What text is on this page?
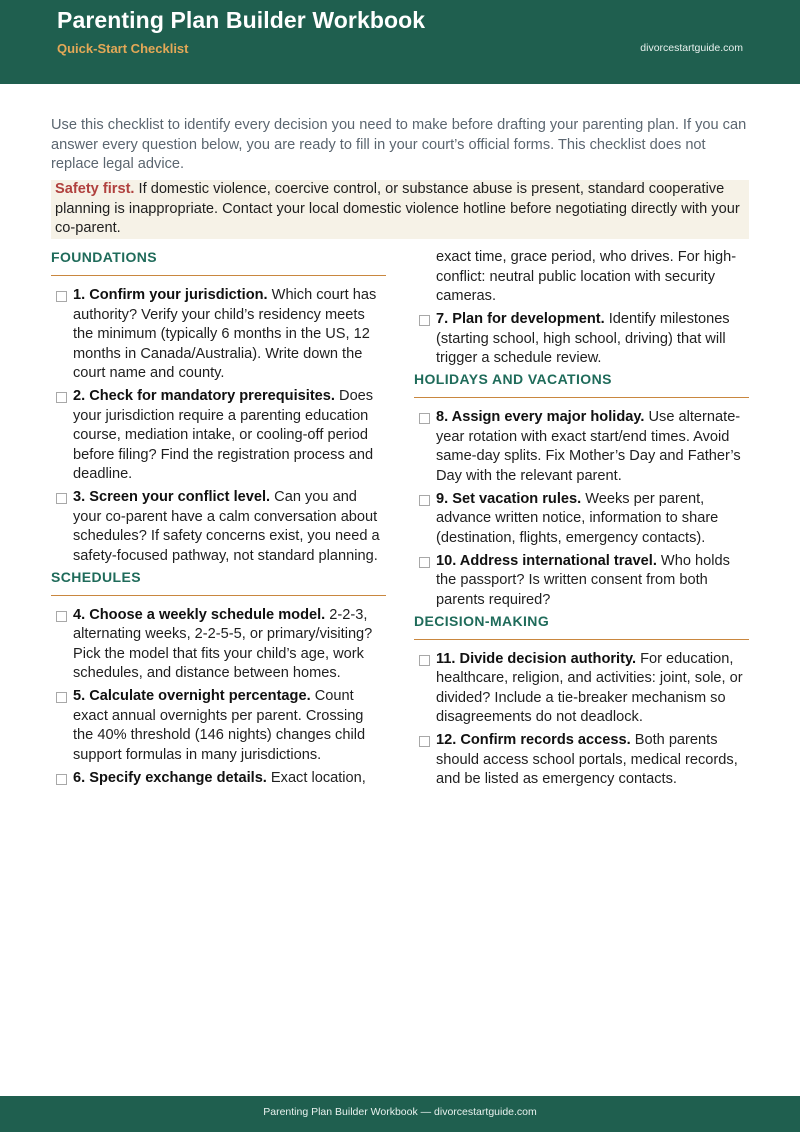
Parenting Plan Builder Workbook
Quick-Start Checklist	divorcestartguide.com

Use this checklist to identify every decision you need to make before drafting your parenting plan. If you can answer every question below, you are ready to fill in your court’s official forms. This checklist does not replace legal advice.

Safety first. If domestic violence, coercive control, or substance abuse is present, standard cooperative planning is inappropriate. Contact your local domestic violence hotline before negotiating directly with your co-parent.

FOUNDATIONS
1. Confirm your jurisdiction. Which court has authority? Verify your child’s residency meets the minimum (typically 6 months in the US, 12 months in Canada/Australia). Write down the court name and county.
2. Check for mandatory prerequisites. Does your jurisdiction require a parenting education course, mediation intake, or cooling-off period before filing? Find the registration process and deadline.
3. Screen your conflict level. Can you and your co-parent have a calm conversation about schedules? If safety concerns exist, you need a safety-focused pathway, not standard planning.
SCHEDULES
4. Choose a weekly schedule model. 2-2-3, alternating weeks, 2-2-5-5, or primary/visiting? Pick the model that fits your child’s age, work schedules, and distance between homes.
5. Calculate overnight percentage. Count exact annual overnights per parent. Crossing the 40% threshold (146 nights) changes child support formulas in many jurisdictions.
6. Specify exchange details. Exact location,
exact time, grace period, who drives. For high-conflict: neutral public location with security cameras.
7. Plan for development. Identify milestones (starting school, high school, driving) that will trigger a schedule review.
HOLIDAYS AND VACATIONS
8. Assign every major holiday. Use alternate-year rotation with exact start/end times. Avoid same-day splits. Fix Mother’s Day and Father’s Day with the relevant parent.
9. Set vacation rules. Weeks per parent, advance written notice, information to share (destination, flights, emergency contacts).
10. Address international travel. Who holds the passport? Is written consent from both parents required?
DECISION-MAKING
11. Divide decision authority. For education, healthcare, religion, and activities: joint, sole, or divided? Include a tie-breaker mechanism so disagreements do not deadlock.
12. Confirm records access. Both parents should access school portals, medical records, and be listed as emergency contacts.
Parenting Plan Builder Workbook — divorcestartguide.com
